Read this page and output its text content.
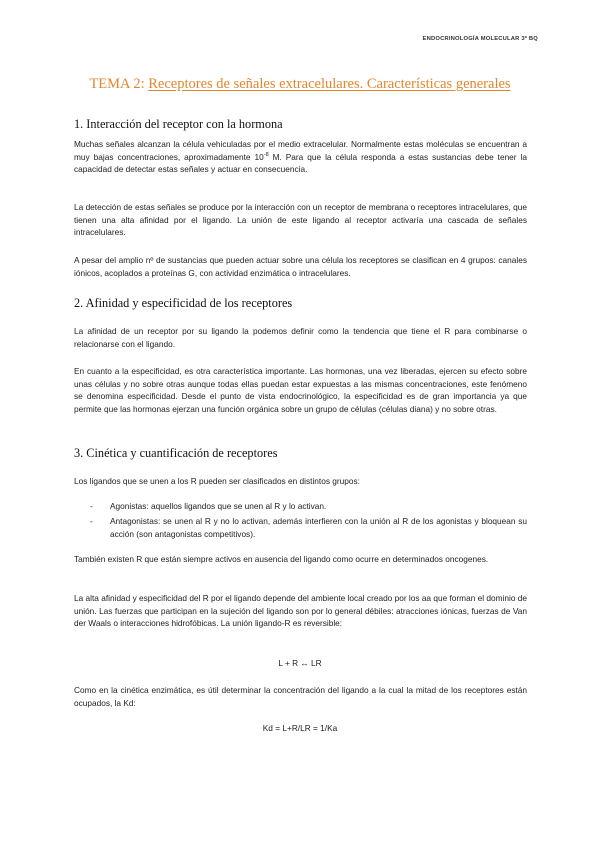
ENDOCRINOLOGÍA MOLECULAR 3º BQ
TEMA 2: Receptores de señales extracelulares. Características generales
1. Interacción del receptor con la hormona

Muchas señales alcanzan la célula vehiculadas por el medio extracelular. Normalmente estas moléculas se encuentran a muy bajas concentraciones, aproximadamente $10^{-8}$ M. Para que la célula responda a estas sustancias debe tener la capacidad de detectar estas señales y actuar en consecuencia.

La detección de estas señales se produce por la interacción con un receptor de membrana o receptores intracelulares, que tienen una alta afinidad por el ligando. La unión de este ligando al receptor activaría una cascada de señales intracelulares.

A pesar del amplio nº de sustancias que pueden actuar sobre una célula los receptores se clasifican en 4 grupos: canales iónicos, acoplados a proteínas G, con actividad enzimática o intracelulares.

2. Afinidad y especificidad de los receptores

La afinidad de un receptor por su ligando la podemos definir como la tendencia que tiene el R para combinarse o relacionarse con el ligando.

En cuanto a la especificidad, es otra característica importante. Las hormonas, una vez liberadas, ejercen su efecto sobre unas células y no sobre otras aunque todas ellas puedan estar expuestas a las mismas concentraciones, este fenómeno se denomina especificidad. Desde el punto de vista endocrinológico, la especificidad es de gran importancia ya que permite que las hormonas ejerzan una función orgánica sobre un grupo de células (células diana) y no sobre otras.

3. Cinética y cuantificación de receptores

Los ligandos que se unen a los R pueden ser clasificados en distintos grupos:

- Agonistas: aquellos ligandos que se unen al R y lo activan.
- Antagonistas: se unen al R y no lo activan, además interfieren con la unión al R de los agonistas y bloquean su acción (son antagonistas competitivos).

También existen R que están siempre activos en ausencia del ligando como ocurre en determinados oncogenes.

La alta afinidad y especificidad del R por el ligando depende del ambiente local creado por los aa que forman el dominio de unión. Las fuerzas que participan en la sujeción del ligando son por lo general débiles: atracciones iónicas, fuerzas de Van der Waals o interacciones hidrofóbicas. La unión ligando-R es reversible:

L + R ↔ LR

Como en la cinética enzimática, es útil determinar la concentración del ligando a la cual la mitad de los receptores están ocupados, la Kd:

Kd = L+R/LR = 1/Ka
